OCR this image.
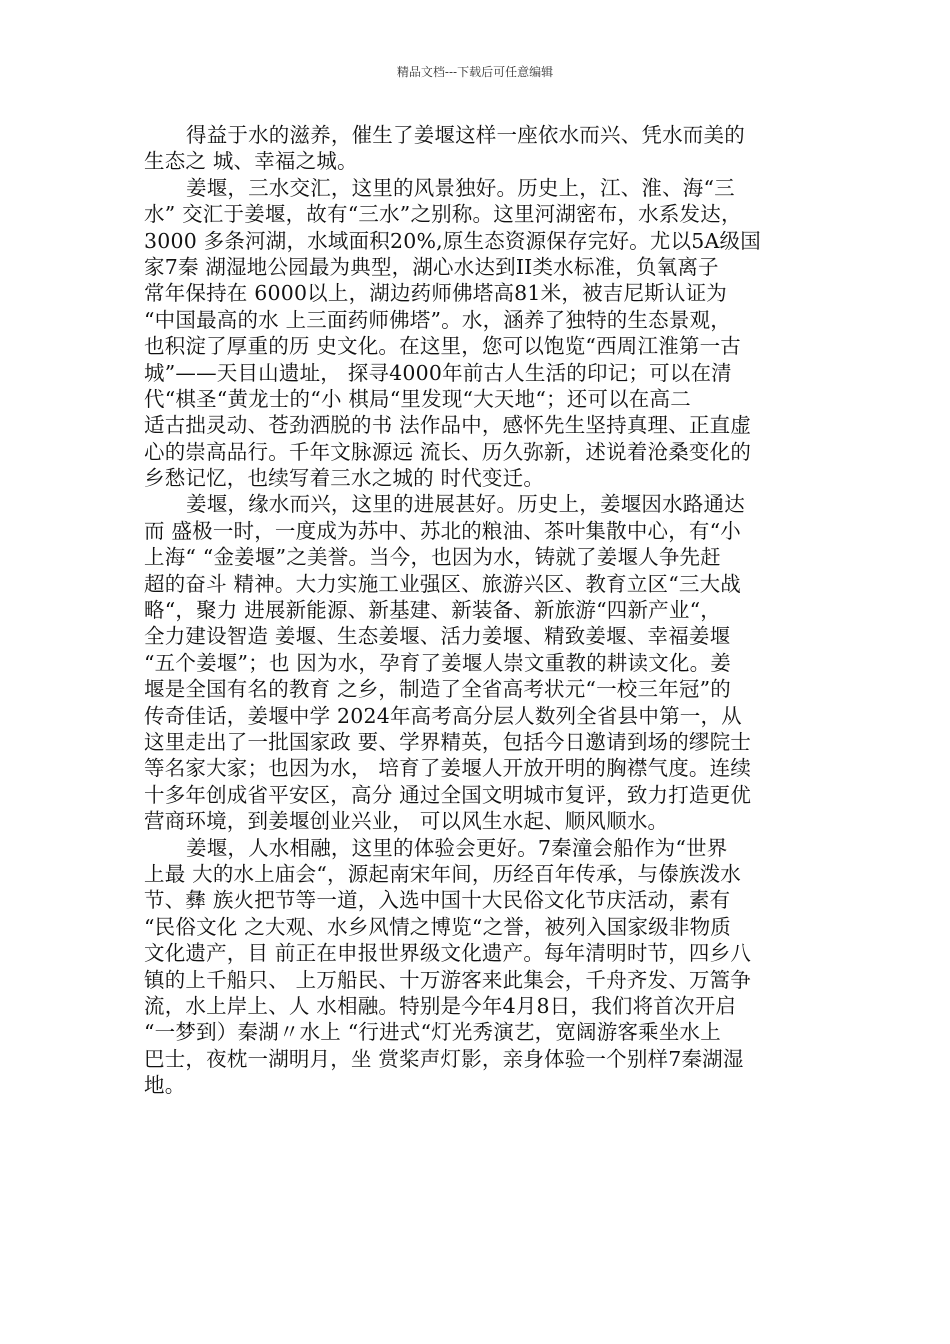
精品文档---下载后可任意编辑
得益于水的滋养，催生了姜堰这样一座依水而兴、凭水而美的
生态之 城、幸福之城。
姜堰，三水交汇，这里的风景独好。历史上，江、淮、海“三
水” 交汇于姜堰，故有“三水”之别称。这里河湖密布，水系发达，
3000 多条河湖，水域面积20%,原生态资源保存完好。尤以5A级国
家7秦 湖湿地公园最为典型，湖心水达到II类水标准，负氧离子
常年保持在 6000以上，湖边药师佛塔高81米，被吉尼斯认证为
“中国最高的水 上三面药师佛塔”。水，涵养了独特的生态景观，
也积淀了厚重的历 史文化。在这里，您可以饱览“西周江淮第一古
城”——天目山遗址， 探寻4000年前古人生活的印记；可以在清
代“棋圣“黄龙士的“小 棋局“里发现“大天地“；还可以在高二
适古拙灵动、苍劲洒脱的书 法作品中，感怀先生坚持真理、正直虚
心的崇高品行。千年文脉源远 流长、历久弥新，述说着沧桑变化的
乡愁记忆，也续写着三水之城的 时代变迁。
姜堰，缘水而兴，这里的进展甚好。历史上，姜堰因水路通达
而 盛极一时，一度成为苏中、苏北的粮油、茶叶集散中心，有“小
上海“ “金姜堰”之美誉。当今，也因为水，铸就了姜堰人争先赶
超的奋斗 精神。大力实施工业强区、旅游兴区、教育立区“三大战
略“，聚力 进展新能源、新基建、新装备、新旅游“四新产业“，
全力建设智造 姜堰、生态姜堰、活力姜堰、精致姜堰、幸福姜堰
“五个姜堰”；也 因为水，孕育了姜堰人崇文重教的耕读文化。姜
堰是全国有名的教育 之乡，制造了全省高考状元“一校三年冠”的
传奇佳话，姜堰中学 2024年高考高分层人数列全省县中第一，从
这里走出了一批国家政 要、学界精英，包括今日邀请到场的缪院士
等名家大家；也因为水， 培育了姜堰人开放开明的胸襟气度。连续
十多年创成省平安区，高分 通过全国文明城市复评，致力打造更优
营商环境，到姜堰创业兴业， 可以风生水起、顺风顺水。
姜堰，人水相融，这里的体验会更好。7秦潼会船作为“世界
上最 大的水上庙会“，源起南宋年间，历经百年传承，与傣族泼水
节、彝 族火把节等一道，入选中国十大民俗文化节庆活动，素有
“民俗文化 之大观、水乡风情之博览“之誉，被列入国家级非物质
文化遗产，目 前正在申报世界级文化遗产。每年清明时节，四乡八
镇的上千船只、 上万船民、十万游客来此集会，千舟齐发、万篙争
流，水上岸上、人 水相融。特别是今年4月8日，我们将首次开启
“一梦到）秦湖〃水上 “行进式“灯光秀演艺，宽阔游客乘坐水上
巴士，夜枕一湖明月，坐 赏桨声灯影，亲身体验一个别样7秦湖湿
地。
